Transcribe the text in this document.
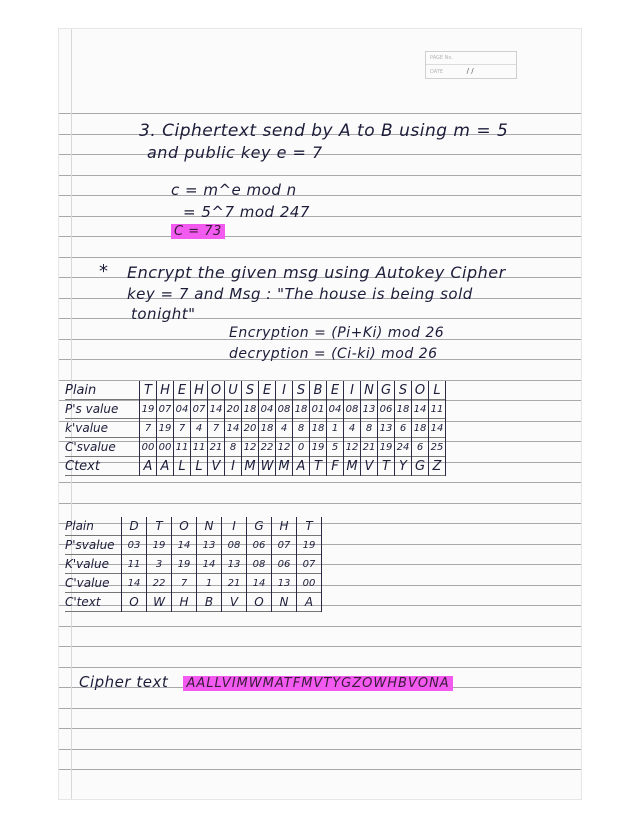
PAGE No.
DATE	/ /
3. Ciphertext send by A to B using m = 5
and public key e = 7
c = m^e mod n
= 5^7 mod 247
C = 73
* Encrypt the given msg using Autokey Cipher
key = 7 and Msg : "The house is being sold
tonight"
Encryption = (Pi+Ki) mod 26
decryption = (Ci-ki) mod 26
Plain	T	H	E	H	O	U	S	E	I	S	B	E	I	N	G	S	O	L
P's value	19	07	04	07	14	20	18	04	08	18	01	04	08	13	06	18	14	11
k'value	7	19	7	4	7	14	20	18	4	8	18	1	4	8	13	6	18	14
C'svalue	00	00	11	11	21	8	12	22	12	0	19	5	12	21	19	24	6	25
Ctext	A	A	L	L	V	I	M	W	M	A	T	F	M	V	T	Y	G	Z
Plain	D	T	O	N	I	G	H	T
P'svalue	03	19	14	13	08	06	07	19
K'value	11	3	19	14	13	08	06	07
C'value	14	22	7	1	21	14	13	00
C'text	O	W	H	B	V	O	N	A
Cipher text AALLVIMWMATFMVTYGZOWHBVONA
